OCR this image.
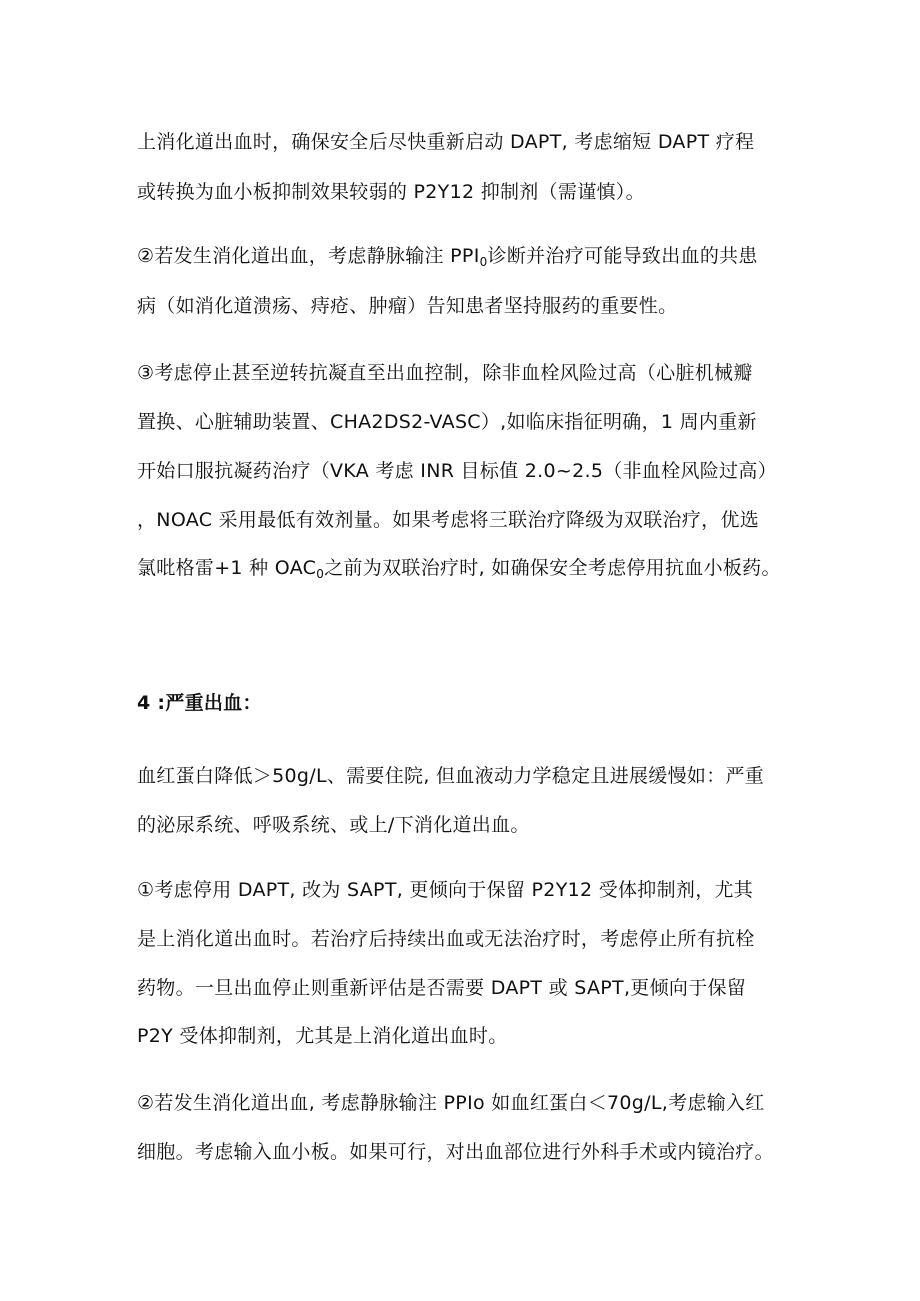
上消化道出血时，确保安全后尽快重新启动 DAPT, 考虑缩短 DAPT 疗程
或转换为血小板抑制效果较弱的 P2Y12 抑制剂（需谨慎）。
②若发生消化道出血，考虑静脉输注 $PPI_0$诊断并治疗可能导致出血的共患
病（如消化道溃疡、痔疮、肿瘤）告知患者坚持服药的重要性。
③考虑停止甚至逆转抗凝直至出血控制，除非血栓风险过高（心脏机械瓣
置换、心脏辅助装置、CHA2DS2-VASC）,如临床指征明确，1 周内重新
开始口服抗凝药治疗（VKA 考虑 INR 目标值 2.0~2.5（非血栓风险过高）
，NOAC 采用最低有效剂量。如果考虑将三联治疗降级为双联治疗，优选
氯吡格雷+1 种 $OAC_0$之前为双联治疗时, 如确保安全考虑停用抗血小板药。
4 :严重出血：
血红蛋白降低＞50g/L、需要住院, 但血液动力学稳定且进展缓慢如：严重
的泌尿系统、呼吸系统、或上/下消化道出血。
①考虑停用 DAPT, 改为 SAPT, 更倾向于保留 P2Y12 受体抑制剂，尤其
是上消化道出血时。若治疗后持续出血或无法治疗时，考虑停止所有抗栓
药物。一旦出血停止则重新评估是否需要 DAPT 或 SAPT,更倾向于保留
P2Y 受体抑制剂，尤其是上消化道出血时。
②若发生消化道出血, 考虑静脉输注 PPIo 如血红蛋白＜70g/L,考虑输入红
细胞。考虑输入血小板。如果可行，对出血部位进行外科手术或内镜治疗。
